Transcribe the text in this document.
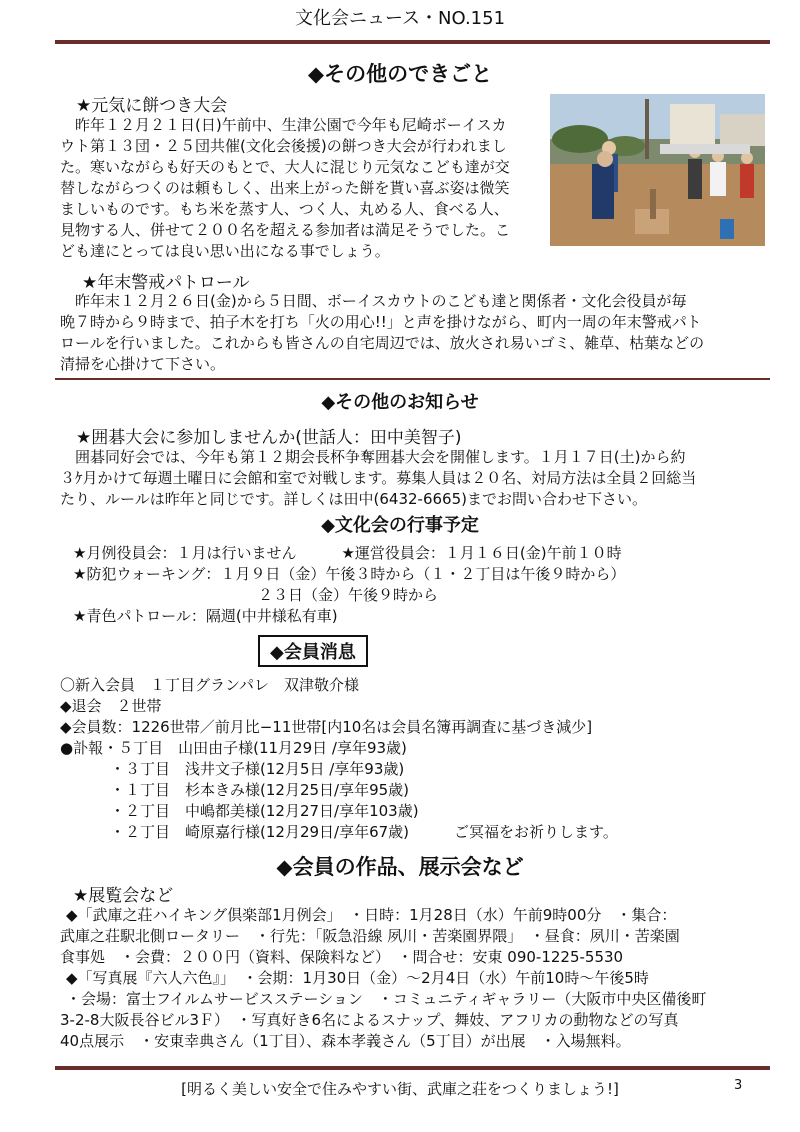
文化会ニュース・NO.151
◆その他のできごと
★元気に餅つき大会
昨年１２月２１日(日)午前中、生津公園で今年も尼崎ボーイスカ
ウト第１３団・２５団共催(文化会後援)の餅つき大会が行われまし
た。寒いながらも好天のもとで、大人に混じり元気なこども達が交
替しながらつくのは頼もしく、出来上がった餅を貰い喜ぶ姿は微笑
ましいものです。もち米を蒸す人、つく人、丸める人、食べる人、
見物する人、併せて２００名を超える参加者は満足そうでした。こ
ども達にとっては良い思い出になる事でしょう。
★年末警戒パトロール
昨年末１２月２６日(金)から５日間、ボーイスカウトのこども達と関係者・文化会役員が毎
晩７時から９時まで、拍子木を打ち「火の用心!!」と声を掛けながら、町内一周の年末警戒パト
ロールを行いました。これからも皆さんの自宅周辺では、放火され易いゴミ、雑草、枯葉などの
清掃を心掛けて下さい。
◆その他のお知らせ
★囲碁大会に参加しませんか(世話人：田中美智子)
囲碁同好会では、今年も第１２期会長杯争奪囲碁大会を開催します。１月１７日(土)から約
３ｹ月かけて毎週土曜日に会館和室で対戦します。募集人員は２０名、対局方法は全員２回総当
たり、ルールは昨年と同じです。詳しくは田中(6432-6665)までお問い合わせ下さい。
◆文化会の行事予定
★月例役員会：１月は行いません　　　★運営役員会：１月１６日(金)午前１０時
★防犯ウォーキング：１月９日（金）午後３時から（１・２丁目は午後９時から）
２３日（金）午後９時から
★青色パトロール：隔週(中井様私有車)
◆会員消息
〇新入会員　１丁目グランパレ　双津敬介様
◆退会　２世帯
◆会員数：1226世帯／前月比−11世帯[内10名は会員名簿再調査に基づき減少]
●訃報・５丁目　山田由子様(11月29日 /享年93歳)
・３丁目　浅井文子様(12月5日 /享年93歳)
・１丁目　杉本きみ様(12月25日/享年95歳)
・２丁目　中嶋都美様(12月27日/享年103歳)
・２丁目　崎原嘉行様(12月29日/享年67歳)　　　ご冥福をお祈りします。
◆会員の作品、展示会など
★展覧会など
◆「武庫之荘ハイキング倶楽部1月例会」　・日時：1月28日（水）午前9時00分　・集合：
武庫之荘駅北側ロータリー　・行先：「阪急沿線 夙川・苦楽園界隈」　・昼食：夙川・苦楽園
食事処　・会費：２００円（資料、保険料など）　・問合せ：安東 090-1225-5530
◆「写真展『六人六色』」　・会期：1月30日（金）〜2月4日（水）午前10時〜午後5時
・会場：富士フイルムサービスステーション　・コミュニティギャラリー（大阪市中央区備後町
3-2-8大阪長谷ビル3Ｆ）　・写真好き6名によるスナップ、舞妓、アフリカの動物などの写真
40点展示　・安東幸典さん（1丁目）、森本孝義さん（5丁目）が出展　・入場無料。
[明るく美しい安全で住みやすい街、武庫之荘をつくりましょう!]	3
